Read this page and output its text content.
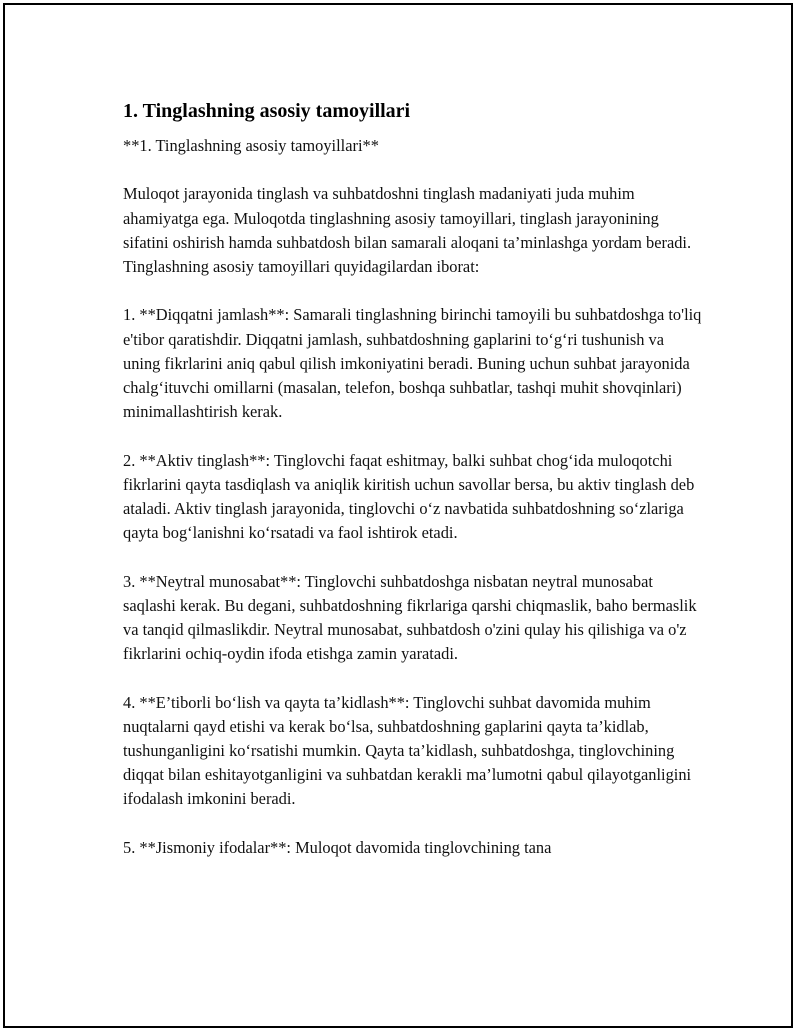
1. Tinglashning asosiy tamoyillari

**1. Tinglashning asosiy tamoyillari**

Muloqot jarayonida tinglash va suhbatdoshni tinglash madaniyati juda muhim ahamiyatga ega. Muloqotda tinglashning asosiy tamoyillari, tinglash jarayonining sifatini oshirish hamda suhbatdosh bilan samarali aloqani ta’minlashga yordam beradi. Tinglashning asosiy tamoyillari quyidagilardan iborat:

1. **Diqqatni jamlash**: Samarali tinglashning birinchi tamoyili bu suhbatdoshga to'liq e'tibor qaratishdir. Diqqatni jamlash, suhbatdoshning gaplarini to‘g‘ri tushunish va uning fikrlarini aniq qabul qilish imkoniyatini beradi. Buning uchun suhbat jarayonida chalg‘ituvchi omillarni (masalan, telefon, boshqa suhbatlar, tashqi muhit shovqinlari) minimallashtirish kerak.

2. **Aktiv tinglash**: Tinglovchi faqat eshitmay, balki suhbat chog‘ida muloqotchi fikrlarini qayta tasdiqlash va aniqlik kiritish uchun savollar bersa, bu aktiv tinglash deb ataladi. Aktiv tinglash jarayonida, tinglovchi o‘z navbatida suhbatdoshning so‘zlariga qayta bog‘lanishni ko‘rsatadi va faol ishtirok etadi.

3. **Neytral munosabat**: Tinglovchi suhbatdoshga nisbatan neytral munosabat saqlashi kerak. Bu degani, suhbatdoshning fikrlariga qarshi chiqmaslik, baho bermaslik va tanqid qilmaslikdir. Neytral munosabat, suhbatdosh o'zini qulay his qilishiga va o'z fikrlarini ochiq-oydin ifoda etishga zamin yaratadi.

4. **E’tiborli bo‘lish va qayta ta’kidlash**: Tinglovchi suhbat davomida muhim nuqtalarni qayd etishi va kerak bo‘lsa, suhbatdoshning gaplarini qayta ta’kidlab, tushunganligini ko‘rsatishi mumkin. Qayta ta’kidlash, suhbatdoshga, tinglovchining diqqat bilan eshitayotganligini va suhbatdan kerakli ma’lumotni qabul qilayotganligini ifodalash imkonini beradi.

5. **Jismoniy ifodalar**: Muloqot davomida tinglovchining tana
